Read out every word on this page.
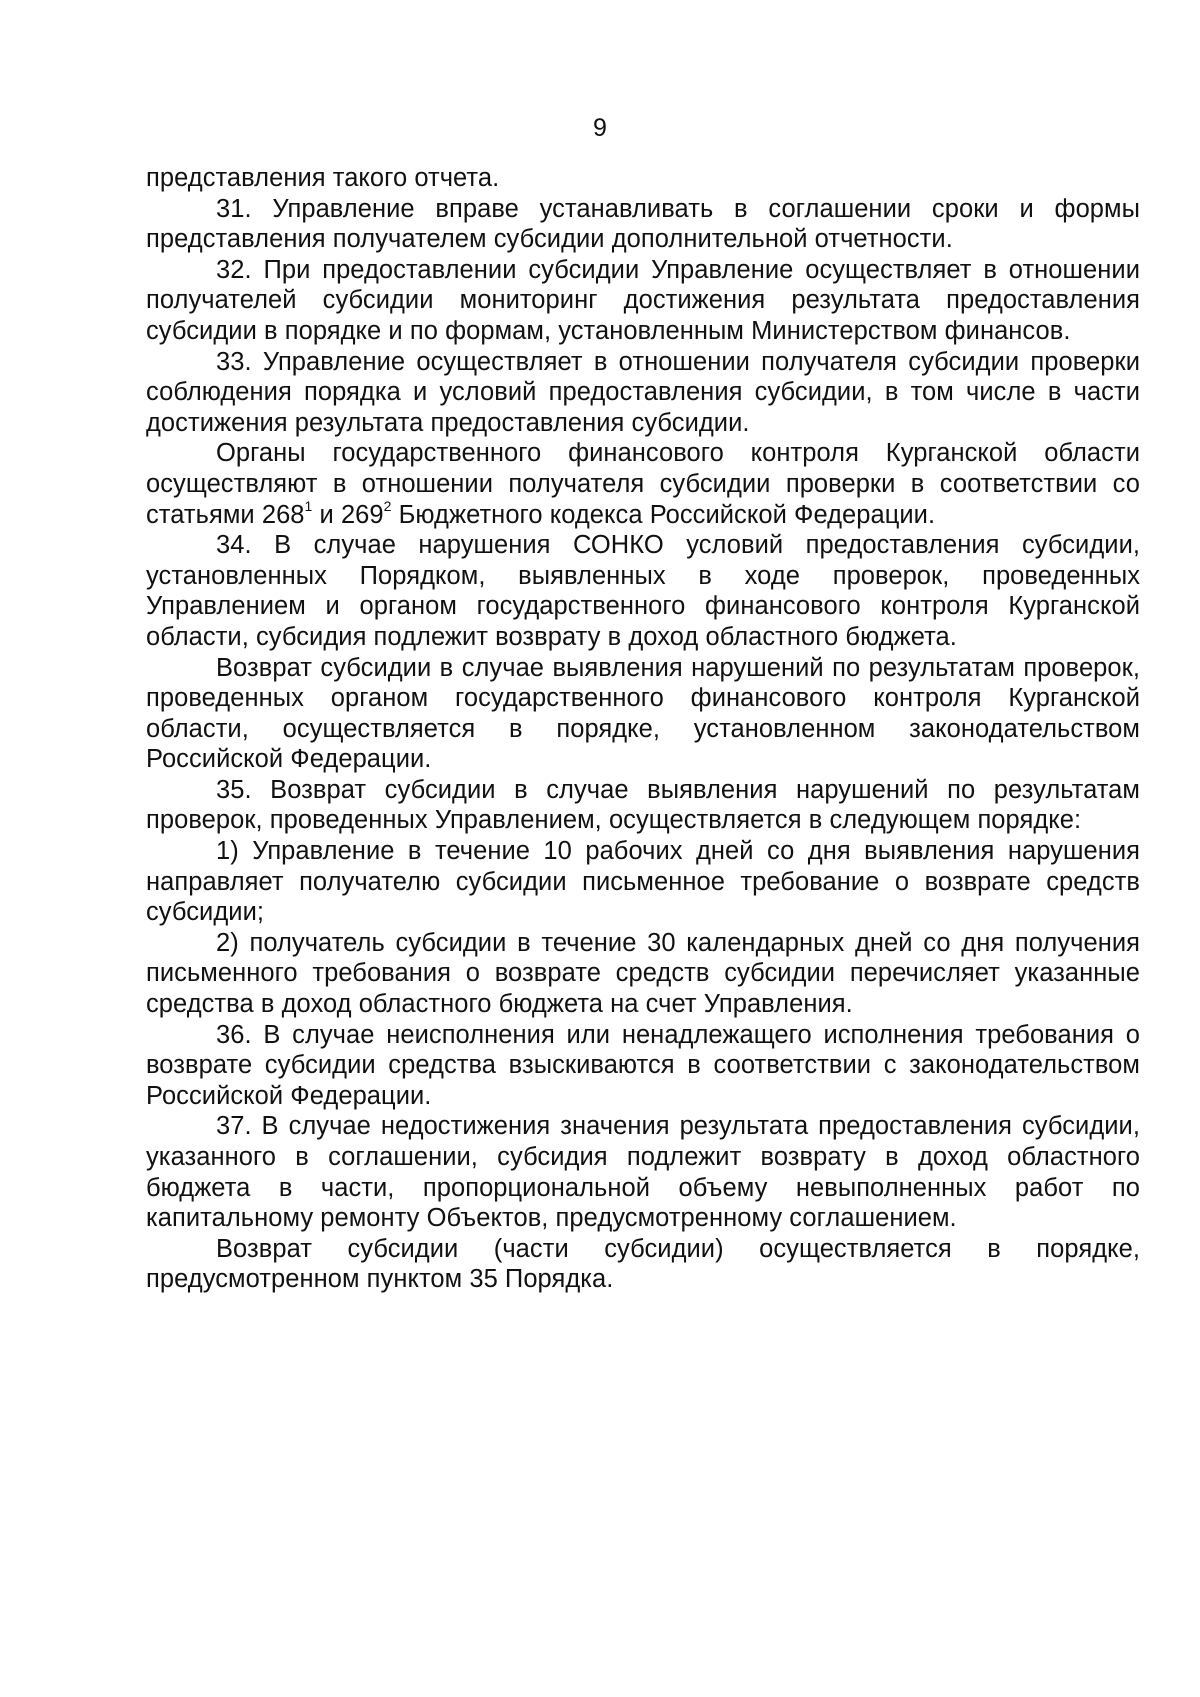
9

представления такого отчета.

31. Управление вправе устанавливать в соглашении сроки и формы представления получателем субсидии дополнительной отчетности.

32. При предоставлении субсидии Управление осуществляет в отношении получателей субсидии мониторинг достижения результата предоставления субсидии в порядке и по формам, установленным Министерством финансов.

33. Управление осуществляет в отношении получателя субсидии проверки соблюдения порядка и условий предоставления субсидии, в том числе в части достижения результата предоставления субсидии.

Органы государственного финансового контроля Курганской области осуществляют в отношении получателя субсидии проверки в соответствии со статьями $268^1$ и $269^2$ Бюджетного кодекса Российской Федерации.

34. В случае нарушения СОНКО условий предоставления субсидии, установленных Порядком, выявленных в ходе проверок, проведенных Управлением и органом государственного финансового контроля Курганской области, субсидия подлежит возврату в доход областного бюджета.

Возврат субсидии в случае выявления нарушений по результатам проверок, проведенных органом государственного финансового контроля Курганской области, осуществляется в порядке, установленном законодательством Российской Федерации.

35. Возврат субсидии в случае выявления нарушений по результатам проверок, проведенных Управлением, осуществляется в следующем порядке:

1) Управление в течение 10 рабочих дней со дня выявления нарушения направляет получателю субсидии письменное требование о возврате средств субсидии;

2) получатель субсидии в течение 30 календарных дней со дня получения письменного требования о возврате средств субсидии перечисляет указанные средства в доход областного бюджета на счет Управления.

36. В случае неисполнения или ненадлежащего исполнения требования о возврате субсидии средства взыскиваются в соответствии с законодательством Российской Федерации.

37. В случае недостижения значения результата предоставления субсидии, указанного в соглашении, субсидия подлежит возврату в доход областного бюджета в части, пропорциональной объему невыполненных работ по капитальному ремонту Объектов, предусмотренному соглашением.

Возврат субсидии (части субсидии) осуществляется в порядке, предусмотренном пунктом 35 Порядка.
